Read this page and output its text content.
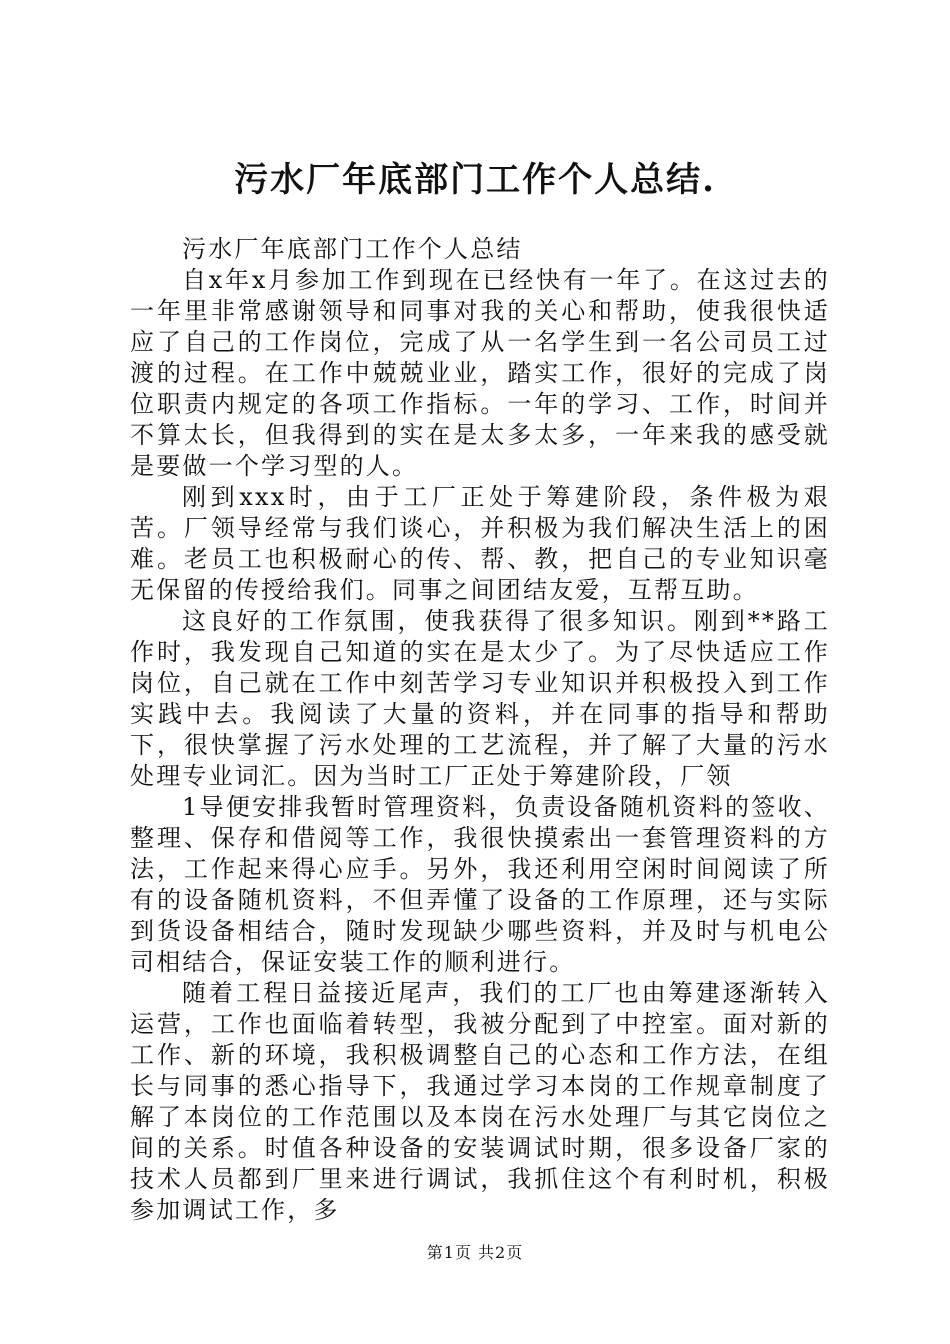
污水厂年底部门工作个人总结.

污水厂年底部门工作个人总结

自x年x月参加工作到现在已经快有一年了。在这过去的一年里非常感谢领导和同事对我的关心和帮助，使我很快适应了自己的工作岗位，完成了从一名学生到一名公司员工过渡的过程。在工作中兢兢业业，踏实工作，很好的完成了岗位职责内规定的各项工作指标。一年的学习、工作，时间并不算太长，但我得到的实在是太多太多，一年来我的感受就是要做一个学习型的人。

刚到xxx时，由于工厂正处于筹建阶段，条件极为艰苦。厂领导经常与我们谈心，并积极为我们解决生活上的困难。老员工也积极耐心的传、帮、教，把自己的专业知识毫无保留的传授给我们。同事之间团结友爱，互帮互助。

这良好的工作氛围，使我获得了很多知识。刚到**路工作时，我发现自己知道的实在是太少了。为了尽快适应工作岗位，自己就在工作中刻苦学习专业知识并积极投入到工作实践中去。我阅读了大量的资料，并在同事的指导和帮助下，很快掌握了污水处理的工艺流程，并了解了大量的污水处理专业词汇。因为当时工厂正处于筹建阶段，厂领

1导便安排我暂时管理资料，负责设备随机资料的签收、整理、保存和借阅等工作，我很快摸索出一套管理资料的方法，工作起来得心应手。另外，我还利用空闲时间阅读了所有的设备随机资料，不但弄懂了设备的工作原理，还与实际到货设备相结合，随时发现缺少哪些资料，并及时与机电公司相结合，保证安装工作的顺利进行。

随着工程日益接近尾声，我们的工厂也由筹建逐渐转入运营，工作也面临着转型，我被分配到了中控室。面对新的工作、新的环境，我积极调整自己的心态和工作方法，在组长与同事的悉心指导下，我通过学习本岗的工作规章制度了解了本岗位的工作范围以及本岗在污水处理厂与其它岗位之间的关系。时值各种设备的安装调试时期，很多设备厂家的技术人员都到厂里来进行调试，我抓住这个有利时机，积极参加调试工作，多

第1页 共2页
